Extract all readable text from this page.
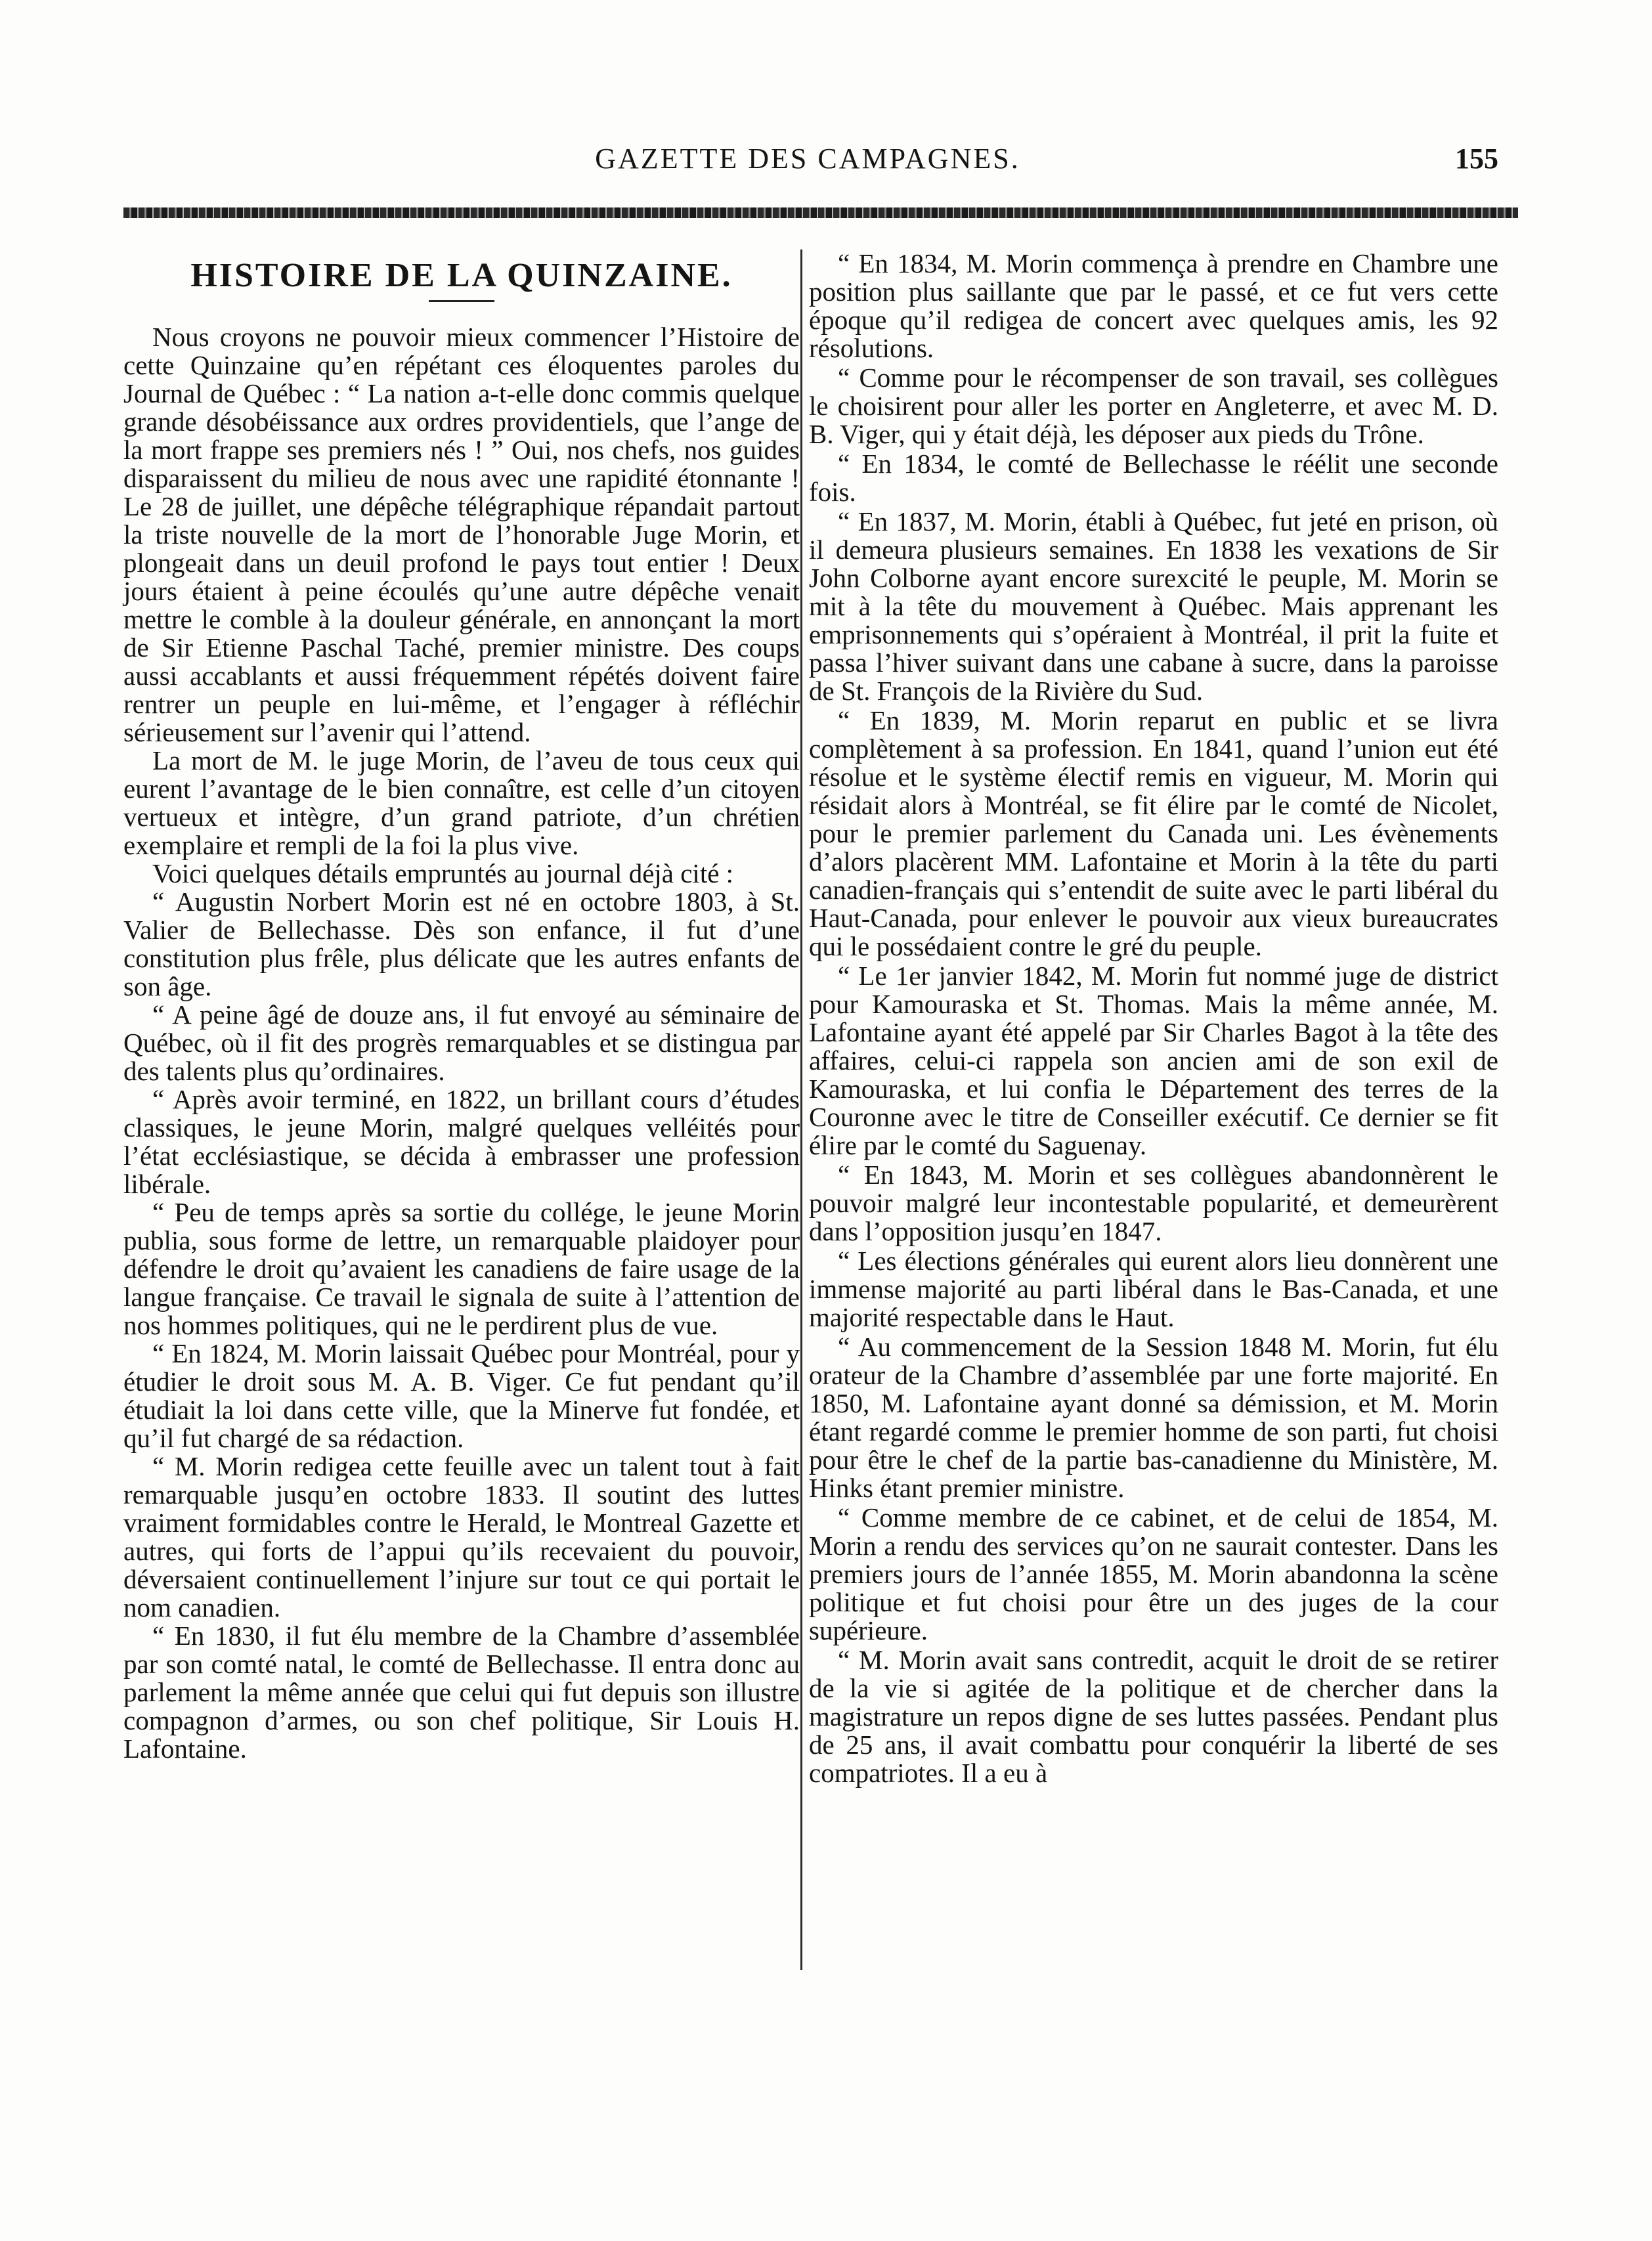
GAZETTE DES CAMPAGNES.	155
HISTOIRE DE LA QUINZAINE.

Nous croyons ne pouvoir mieux commencer l’Histoire de cette Quinzaine qu’en répétant ces éloquentes paroles du Journal de Québec : “ La nation a-t-elle donc commis quelque grande désobéissance aux ordres providentiels, que l’ange de la mort frappe ses premiers nés ! ” Oui, nos chefs, nos guides disparaissent du milieu de nous avec une rapidité étonnante ! Le 28 de juillet, une dépêche télégraphique répandait partout la triste nouvelle de la mort de l’honorable Juge Morin, et plongeait dans un deuil profond le pays tout entier ! Deux jours étaient à peine écoulés qu’une autre dépêche venait mettre le comble à la douleur générale, en annonçant la mort de Sir Etienne Paschal Taché, premier ministre. Des coups aussi accablants et aussi fréquemment répétés doivent faire rentrer un peuple en lui-même, et l’engager à réfléchir sérieusement sur l’avenir qui l’attend.

La mort de M. le juge Morin, de l’aveu de tous ceux qui eurent l’avantage de le bien connaître, est celle d’un citoyen vertueux et intègre, d’un grand patriote, d’un chrétien exemplaire et rempli de la foi la plus vive.

Voici quelques détails empruntés au journal déjà cité :

“ Augustin Norbert Morin est né en octobre 1803, à St. Valier de Bellechasse. Dès son enfance, il fut d’une constitution plus frêle, plus délicate que les autres enfants de son âge.

“ A peine âgé de douze ans, il fut envoyé au séminaire de Québec, où il fit des progrès remarquables et se distingua par des talents plus qu’ordinaires.

“ Après avoir terminé, en 1822, un brillant cours d’études classiques, le jeune Morin, malgré quelques velléités pour l’état ecclésiastique, se décida à embrasser une profession libérale.

“ Peu de temps après sa sortie du collége, le jeune Morin publia, sous forme de lettre, un remarquable plaidoyer pour défendre le droit qu’avaient les canadiens de faire usage de la langue française. Ce travail le signala de suite à l’attention de nos hommes politiques, qui ne le perdirent plus de vue.

“ En 1824, M. Morin laissait Québec pour Montréal, pour y étudier le droit sous M. A. B. Viger. Ce fut pendant qu’il étudiait la loi dans cette ville, que la Minerve fut fondée, et qu’il fut chargé de sa rédaction.

“ M. Morin redigea cette feuille avec un talent tout à fait remarquable jusqu’en octobre 1833. Il soutint des luttes vraiment formidables contre le Herald, le Montreal Gazette et autres, qui forts de l’appui qu’ils recevaient du pouvoir, déversaient continuellement l’injure sur tout ce qui portait le nom canadien.

“ En 1830, il fut élu membre de la Chambre d’assemblée par son comté natal, le comté de Bellechasse. Il entra donc au parlement la même année que celui qui fut depuis son illustre compagnon d’armes, ou son chef politique, Sir Louis H. Lafontaine.

“ En 1834, M. Morin commença à prendre en Chambre une position plus saillante que par le passé, et ce fut vers cette époque qu’il redigea de concert avec quelques amis, les 92 résolutions.

“ Comme pour le récompenser de son travail, ses collègues le choisirent pour aller les porter en Angleterre, et avec M. D. B. Viger, qui y était déjà, les déposer aux pieds du Trône.

“ En 1834, le comté de Bellechasse le réélit une seconde fois.

“ En 1837, M. Morin, établi à Québec, fut jeté en prison, où il demeura plusieurs semaines. En 1838 les vexations de Sir John Colborne ayant encore surexcité le peuple, M. Morin se mit à la tête du mouvement à Québec. Mais apprenant les emprisonnements qui s’opéraient à Montréal, il prit la fuite et passa l’hiver suivant dans une cabane à sucre, dans la paroisse de St. François de la Rivière du Sud.

“ En 1839, M. Morin reparut en public et se livra complètement à sa profession. En 1841, quand l’union eut été résolue et le système électif remis en vigueur, M. Morin qui résidait alors à Montréal, se fit élire par le comté de Nicolet, pour le premier parlement du Canada uni. Les évènements d’alors placèrent MM. Lafontaine et Morin à la tête du parti canadien-français qui s’entendit de suite avec le parti libéral du Haut-Canada, pour enlever le pouvoir aux vieux bureaucrates qui le possédaient contre le gré du peuple.

“ Le 1er janvier 1842, M. Morin fut nommé juge de district pour Kamouraska et St. Thomas. Mais la même année, M. Lafontaine ayant été appelé par Sir Charles Bagot à la tête des affaires, celui-ci rappela son ancien ami de son exil de Kamouraska, et lui confia le Département des terres de la Couronne avec le titre de Conseiller exécutif. Ce dernier se fit élire par le comté du Saguenay.

“ En 1843, M. Morin et ses collègues abandonnèrent le pouvoir malgré leur incontestable popularité, et demeurèrent dans l’opposition jusqu’en 1847.

“ Les élections générales qui eurent alors lieu donnèrent une immense majorité au parti libéral dans le Bas-Canada, et une majorité respectable dans le Haut.

“ Au commencement de la Session 1848 M. Morin, fut élu orateur de la Chambre d’assemblée par une forte majorité. En 1850, M. Lafontaine ayant donné sa démission, et M. Morin étant regardé comme le premier homme de son parti, fut choisi pour être le chef de la partie bas-canadienne du Ministère, M. Hinks étant premier ministre.

“ Comme membre de ce cabinet, et de celui de 1854, M. Morin a rendu des services qu’on ne saurait contester. Dans les premiers jours de l’année 1855, M. Morin abandonna la scène politique et fut choisi pour être un des juges de la cour supérieure.

“ M. Morin avait sans contredit, acquit le droit de se retirer de la vie si agitée de la politique et de chercher dans la magistrature un repos digne de ses luttes passées. Pendant plus de 25 ans, il avait combattu pour conquérir la liberté de ses compatriotes. Il a eu à
